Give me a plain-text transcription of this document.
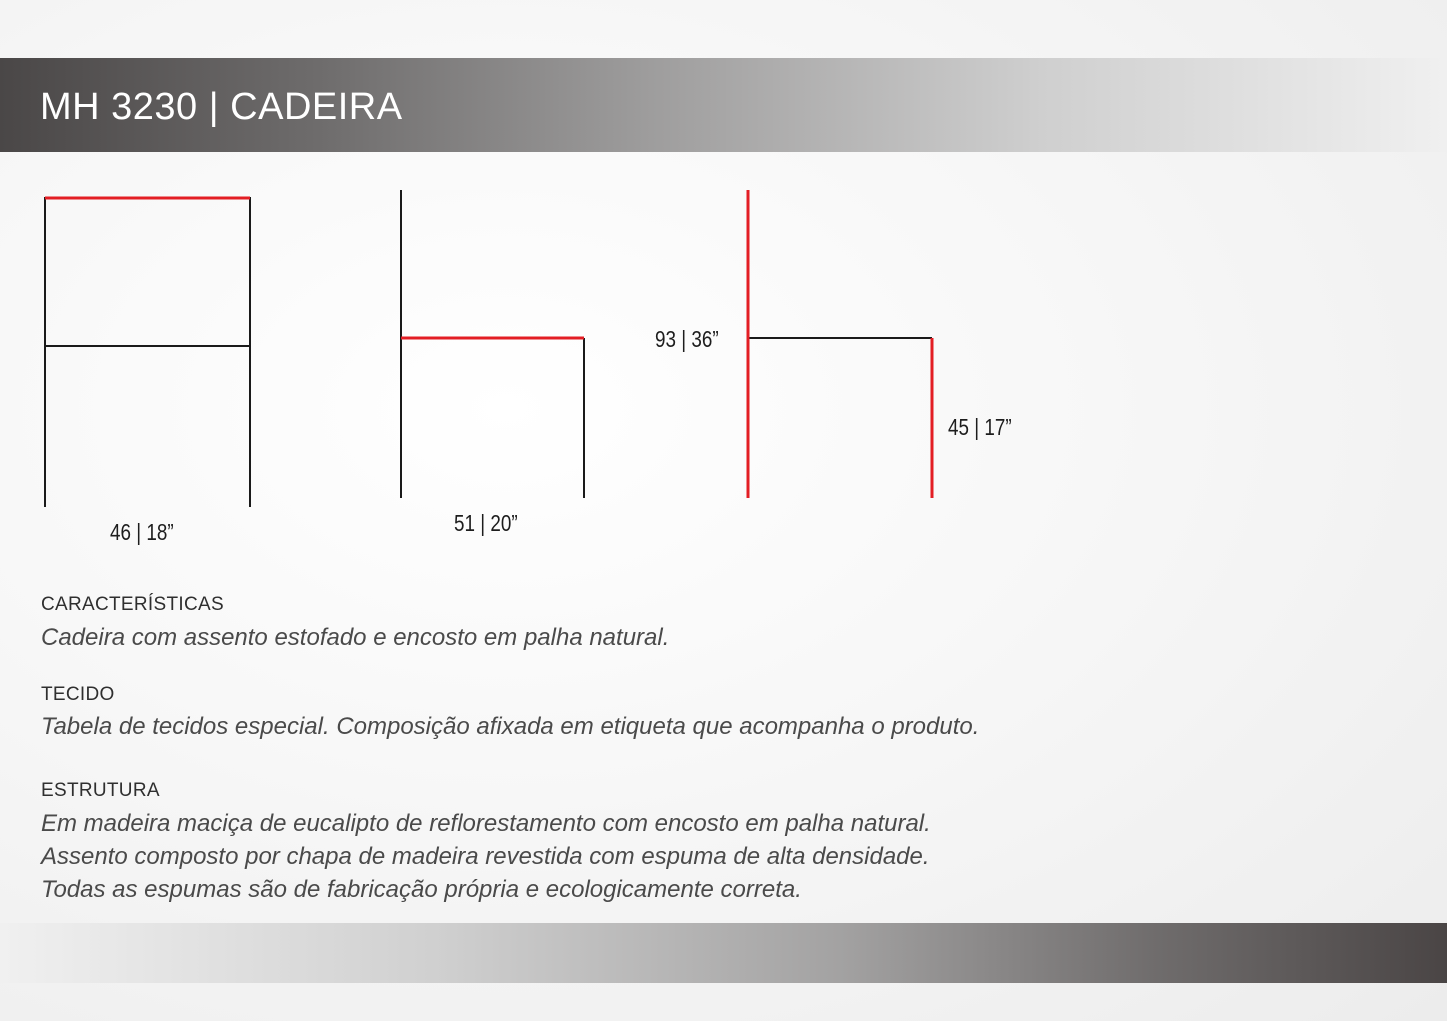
MH 3230 | CADEIRA
46 | 18”	51 | 20”
93 | 36”
45 | 17”
CARACTERÍSTICAS
Cadeira com assento estofado e encosto em palha natural.
TECIDO
Tabela de tecidos especial. Composição afixada em etiqueta que acompanha o produto.
ESTRUTURA
Em madeira maciça de eucalipto de reflorestamento com encosto em palha natural.
Assento composto por chapa de madeira revestida com espuma de alta densidade.
Todas as espumas são de fabricação própria e ecologicamente correta.
